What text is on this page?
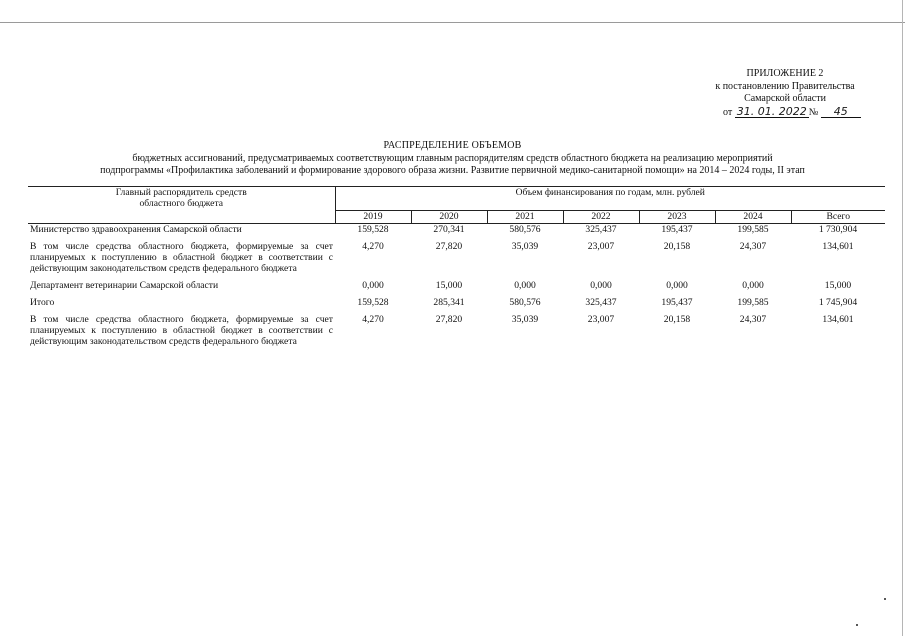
ПРИЛОЖЕНИЕ 2
к постановлению Правительства
Самарской области
от 31. 01. 2022 № 45
РАСПРЕДЕЛЕНИЕ ОБЪЕМОВ
бюджетных ассигнований, предусматриваемых соответствующим главным распорядителям средств областного бюджета на реализацию мероприятий
подпрограммы «Профилактика заболеваний и формирование здорового образа жизни. Развитие первичной медико-санитарной помощи» на 2014 – 2024 годы, II этап
Главный распорядитель средств областного бюджета	Объем финансирования по годам, млн. рублей						
	2019	2020	2021	2022	2023	2024	Всего
Министерство здравоохранения Самарской области	159,528	270,341	580,576	325,437	195,437	199,585	1 730,904

В том числе средства областного бюджета, формируемые за счет планируемых к поступлению в областной бюджет в соответствии с действующим законодательством средств федерального бюджета	4,270	27,820	35,039	23,007	20,158	24,307	134,601

Департамент ветеринарии Самарской области	0,000	15,000	0,000	0,000	0,000	0,000	15,000

Итого	159,528	285,341	580,576	325,437	195,437	199,585	1 745,904

В том числе средства областного бюджета, формируемые за счет планируемых к поступлению в областной бюджет в соответствии с действующим законодательством средств федерального бюджета	4,270	27,820	35,039	23,007	20,158	24,307	134,601
